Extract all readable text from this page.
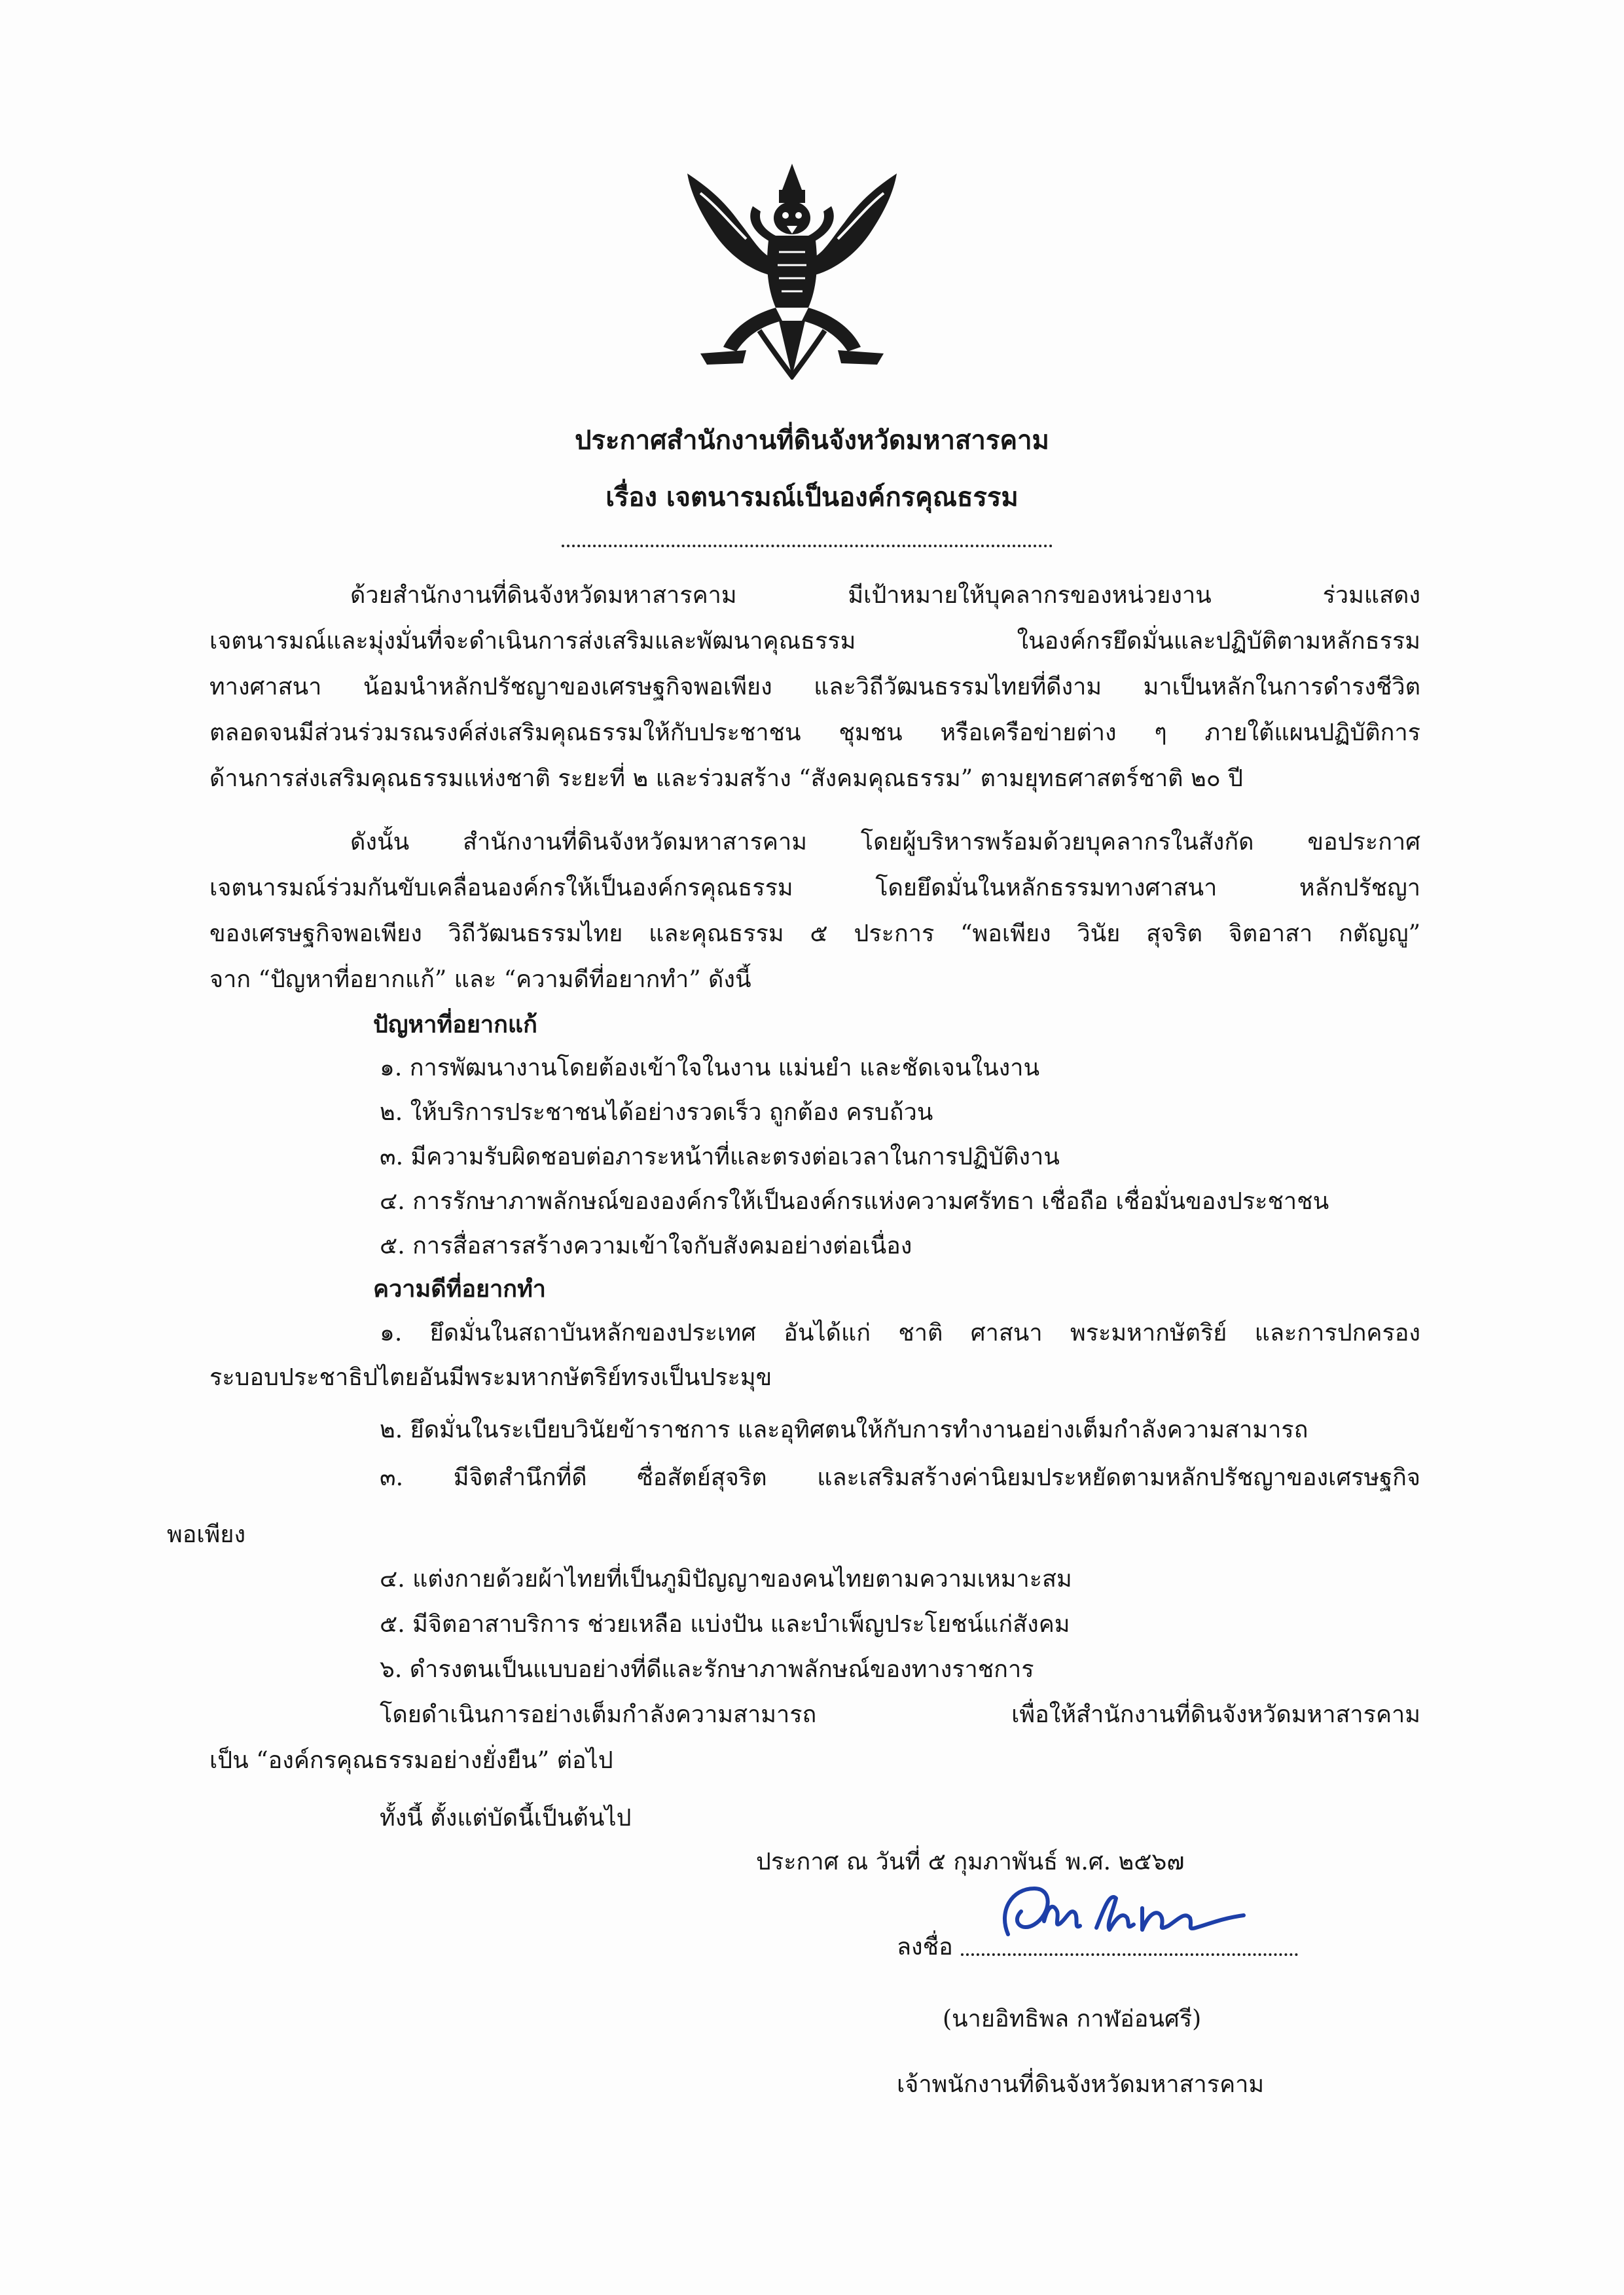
ประกาศสำนักงานที่ดินจังหวัดมหาสารคาม
เรื่อง เจตนารมณ์เป็นองค์กรคุณธรรม
ด้วยสำนักงานที่ดินจังหวัดมหาสารคาม มีเป้าหมายให้บุคลากรของหน่วยงาน ร่วมแสดง
เจตนารมณ์และมุ่งมั่นที่จะดำเนินการส่งเสริมและพัฒนาคุณธรรม ในองค์กรยึดมั่นและปฏิบัติตามหลักธรรม
ทางศาสนา น้อมนำหลักปรัชญาของเศรษฐกิจพอเพียง และวิถีวัฒนธรรมไทยที่ดีงาม มาเป็นหลักในการดำรงชีวิต
ตลอดจนมีส่วนร่วมรณรงค์ส่งเสริมคุณธรรมให้กับประชาชน ชุมชน หรือเครือข่ายต่าง ๆ ภายใต้แผนปฏิบัติการ
ด้านการส่งเสริมคุณธรรมแห่งชาติ ระยะที่ ๒ และร่วมสร้าง “สังคมคุณธรรม” ตามยุทธศาสตร์ชาติ ๒๐ ปี
ดังนั้น สำนักงานที่ดินจังหวัดมหาสารคาม โดยผู้บริหารพร้อมด้วยบุคลากรในสังกัด ขอประกาศ
เจตนารมณ์ร่วมกันขับเคลื่อนองค์กรให้เป็นองค์กรคุณธรรม โดยยึดมั่นในหลักธรรมทางศาสนา หลักปรัชญา
ของเศรษฐกิจพอเพียง วิถีวัฒนธรรมไทย และคุณธรรม ๕ ประการ “พอเพียง วินัย สุจริต จิตอาสา กตัญญู”
จาก “ปัญหาที่อยากแก้” และ “ความดีที่อยากทำ” ดังนี้
ปัญหาที่อยากแก้
๑. การพัฒนางานโดยต้องเข้าใจในงาน แม่นยำ และชัดเจนในงาน
๒. ให้บริการประชาชนได้อย่างรวดเร็ว ถูกต้อง ครบถ้วน
๓. มีความรับผิดชอบต่อภาระหน้าที่และตรงต่อเวลาในการปฏิบัติงาน
๔. การรักษาภาพลักษณ์ขององค์กรให้เป็นองค์กรแห่งความศรัทธา เชื่อถือ เชื่อมั่นของประชาชน
๕. การสื่อสารสร้างความเข้าใจกับสังคมอย่างต่อเนื่อง
ความดีที่อยากทำ
๑. ยึดมั่นในสถาบันหลักของประเทศ อันได้แก่ ชาติ ศาสนา พระมหากษัตริย์ และการปกครอง
ระบอบประชาธิปไตยอันมีพระมหากษัตริย์ทรงเป็นประมุข
๒. ยึดมั่นในระเบียบวินัยข้าราชการ และอุทิศตนให้กับการทำงานอย่างเต็มกำลังความสามารถ
๓. มีจิตสำนึกที่ดี ซื่อสัตย์สุจริต และเสริมสร้างค่านิยมประหยัดตามหลักปรัชญาของเศรษฐกิจ
พอเพียง
๔. แต่งกายด้วยผ้าไทยที่เป็นภูมิปัญญาของคนไทยตามความเหมาะสม
๕. มีจิตอาสาบริการ ช่วยเหลือ แบ่งปัน และบำเพ็ญประโยชน์แก่สังคม
๖. ดำรงตนเป็นแบบอย่างที่ดีและรักษาภาพลักษณ์ของทางราชการ
โดยดำเนินการอย่างเต็มกำลังความสามารถ เพื่อให้สำนักงานที่ดินจังหวัดมหาสารคาม
เป็น “องค์กรคุณธรรมอย่างยั่งยืน” ต่อไป
ทั้งนี้ ตั้งแต่บัดนี้เป็นต้นไป
ประกาศ ณ วันที่ ๕ กุมภาพันธ์ พ.ศ. ๒๕๖๗
ลงชื่อ
(นายอิทธิพล กาฬอ่อนศรี)
เจ้าพนักงานที่ดินจังหวัดมหาสารคาม
